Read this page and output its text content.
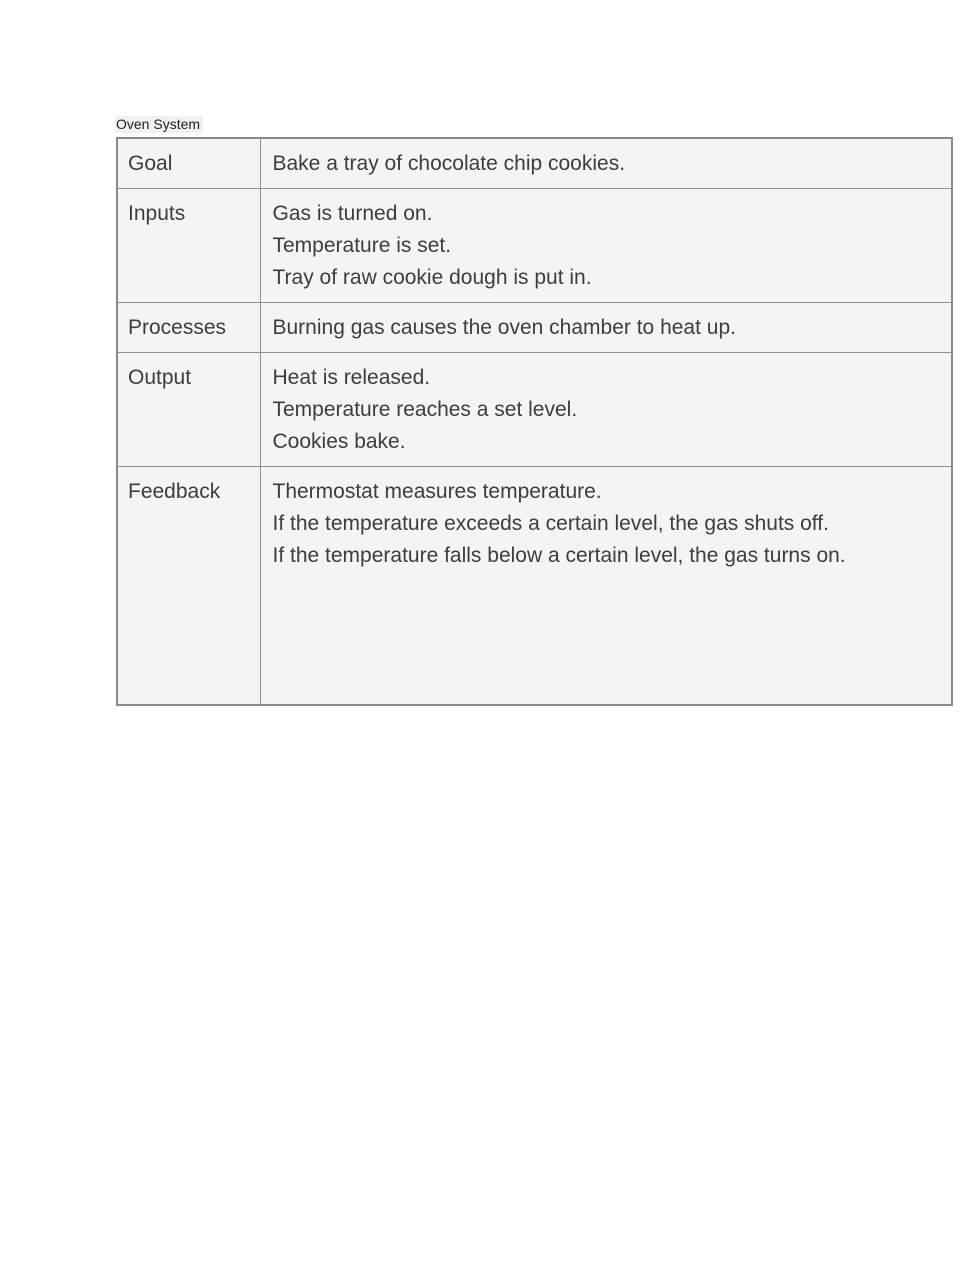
Oven System
Goal	Bake a tray of chocolate chip cookies.

Inputs	Gas is turned on.
Temperature is set.
Tray of raw cookie dough is put in.

Processes	Burning gas causes the oven chamber to heat up.

Output	Heat is released.
Temperature reaches a set level.
Cookies bake.

Feedback	Thermostat measures temperature.
If the temperature exceeds a certain level, the gas shuts off.
If the temperature falls below a certain level, the gas turns on.
